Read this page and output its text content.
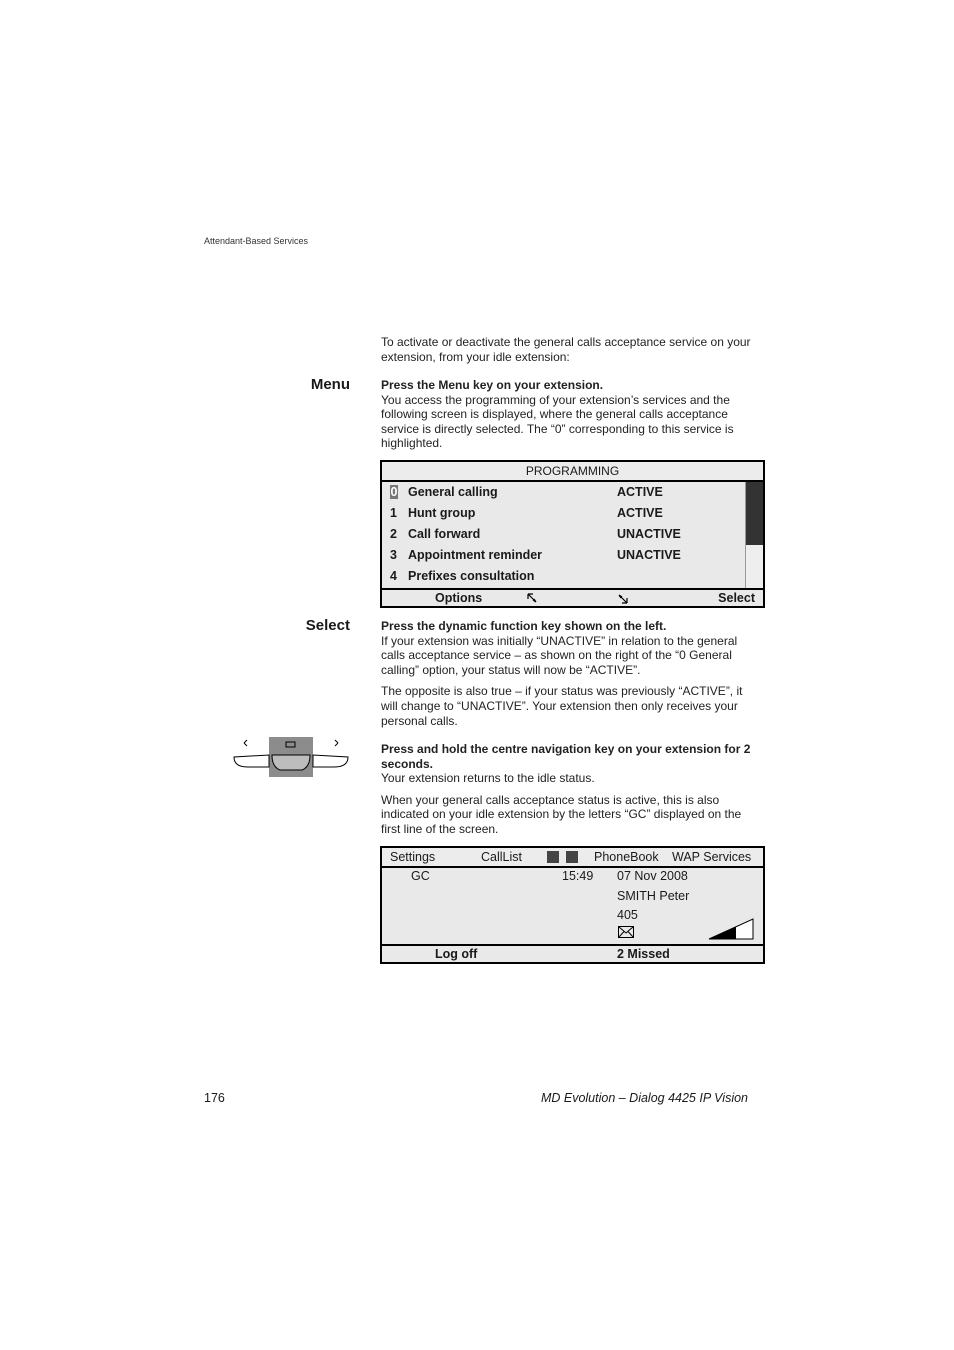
Attendant-Based Services
To activate or deactivate the general calls acceptance service on your extension, from your idle extension:
Menu	Press the Menu key on your extension.

You access the programming of your extension’s services and the following screen is displayed, where the general calls acceptance service is directly selected. The “0” corresponding to this service is highlighted.

PROGRAMMING
0 General calling	ACTIVE
1 Hunt group	ACTIVE
2 Call forward	UNACTIVE
3 Appointment reminder	UNACTIVE
4 Prefixes consultation
Options	Select
Select	Press the dynamic function key shown on the left.

If your extension was initially “UNACTIVE” in relation to the general calls acceptance service – as shown on the right of the “0 General calling” option, your status will now be “ACTIVE”.

The opposite is also true – if your status was previously “ACTIVE”, it will change to “UNACTIVE”. Your extension then only receives your personal calls.

Press and hold the centre navigation key on your extension for 2 seconds.

Your extension returns to the idle status.

When your general calls acceptance status is active, this is also indicated on your idle extension by the letters “GC” displayed on the first line of the screen.

Settings	CallList	PhoneBook WAP Services
GC	15:49 07 Nov 2008
SMITH Peter
405
Log off	2 Missed
176	MD Evolution – Dialog 4425 IP Vision
